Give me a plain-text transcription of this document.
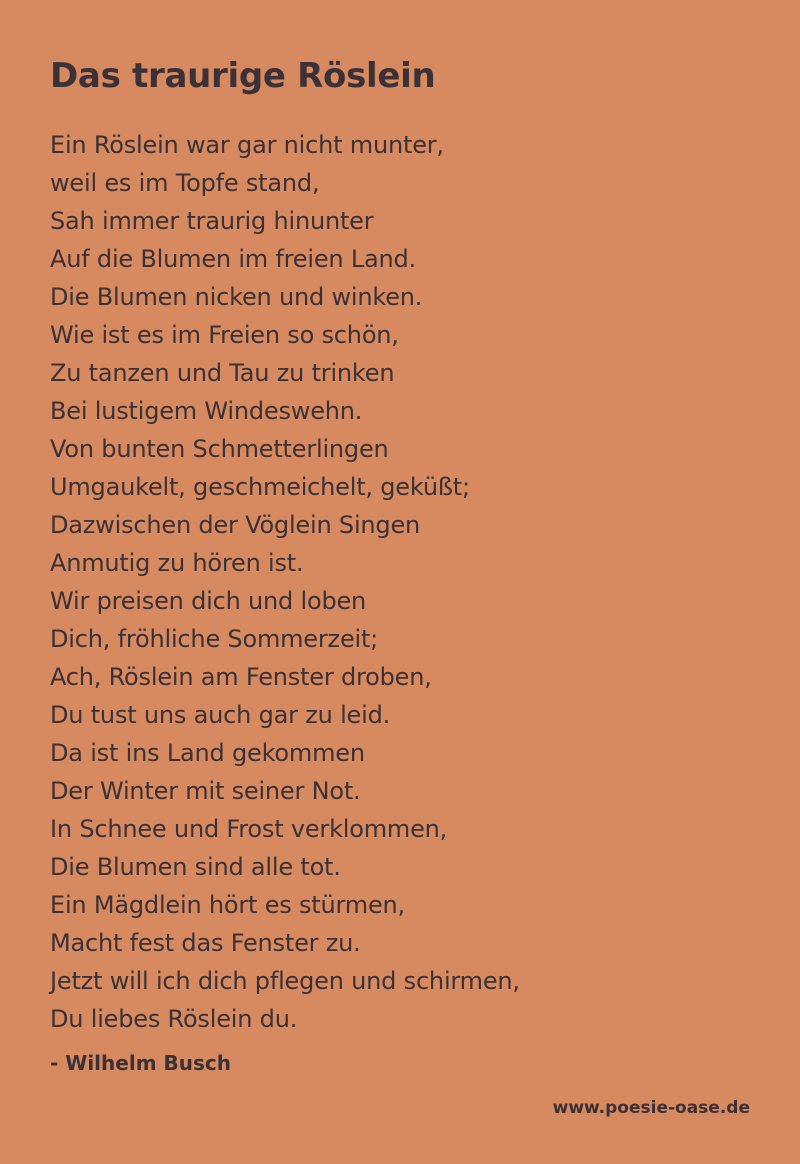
Das traurige Röslein
Ein Röslein war gar nicht munter,
weil es im Topfe stand,
Sah immer traurig hinunter
Auf die Blumen im freien Land.
Die Blumen nicken und winken.
Wie ist es im Freien so schön,
Zu tanzen und Tau zu trinken
Bei lustigem Windeswehn.
Von bunten Schmetterlingen
Umgaukelt, geschmeichelt, geküßt;
Dazwischen der Vöglein Singen
Anmutig zu hören ist.
Wir preisen dich und loben
Dich, fröhliche Sommerzeit;
Ach, Röslein am Fenster droben,
Du tust uns auch gar zu leid.
Da ist ins Land gekommen
Der Winter mit seiner Not.
In Schnee und Frost verklommen,
Die Blumen sind alle tot.
Ein Mägdlein hört es stürmen,
Macht fest das Fenster zu.
Jetzt will ich dich pflegen und schirmen,
Du liebes Röslein du.
- Wilhelm Busch
www.poesie-oase.de
